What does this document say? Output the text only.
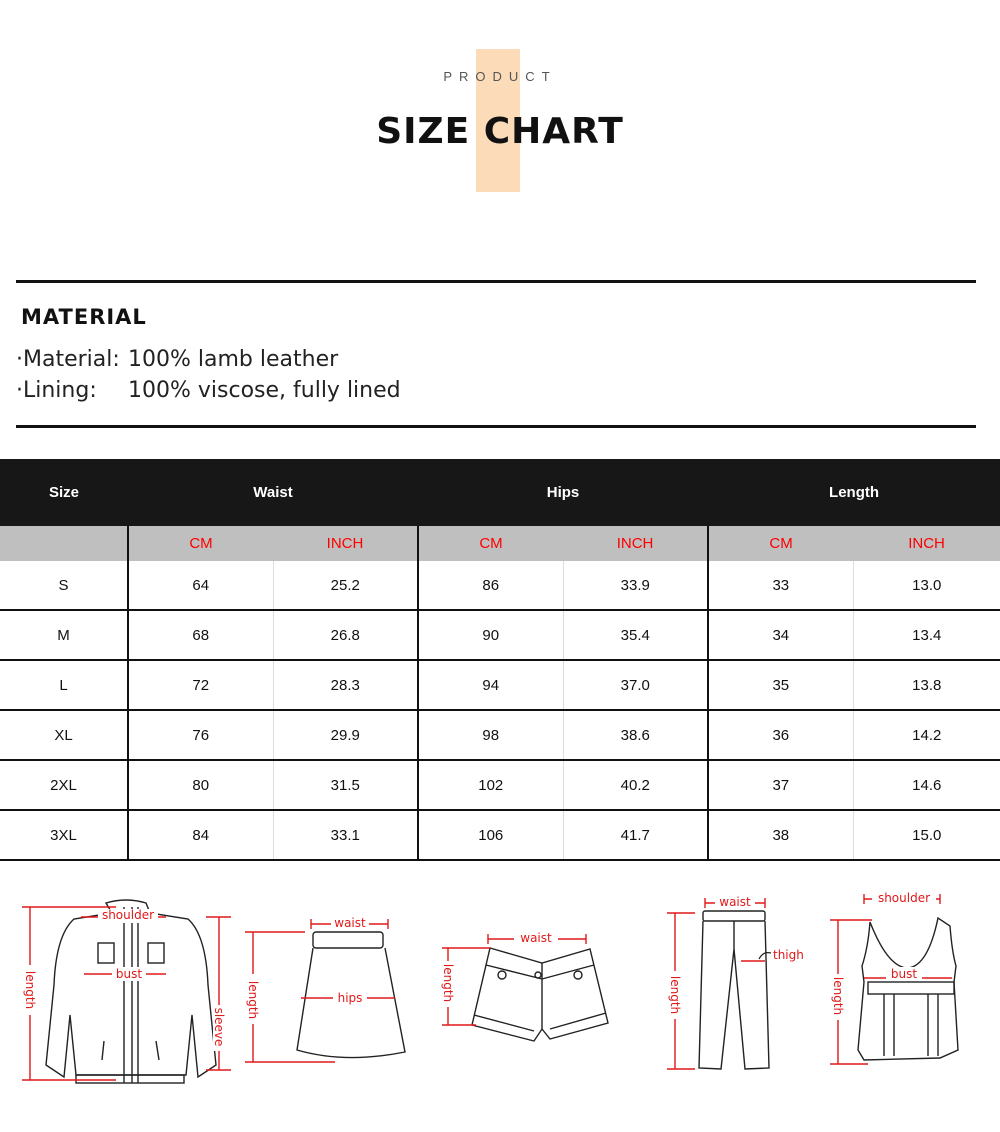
PRODUCT
SIZE CHART
MATERIAL
·Material: 100% lamb leather
·Lining: 100% viscose, fully lined
Size	Waist		Hips		Length	
	CM	INCH	CM	INCH	CM	INCH
S	64	25.2	86	33.9	33	13.0
M	68	26.8	90	35.4	34	13.4
L	72	28.3	94	37.0	35	13.8
XL	76	29.9	98	38.6	36	14.2
2XL	80	31.5	102	40.2	37	14.6
3XL	84	33.1	106	41.7	38	15.0
shoulder
bust
length
sleeve
waist
hips
length
waist
length
waist
thigh
length
shoulder
bust
length
